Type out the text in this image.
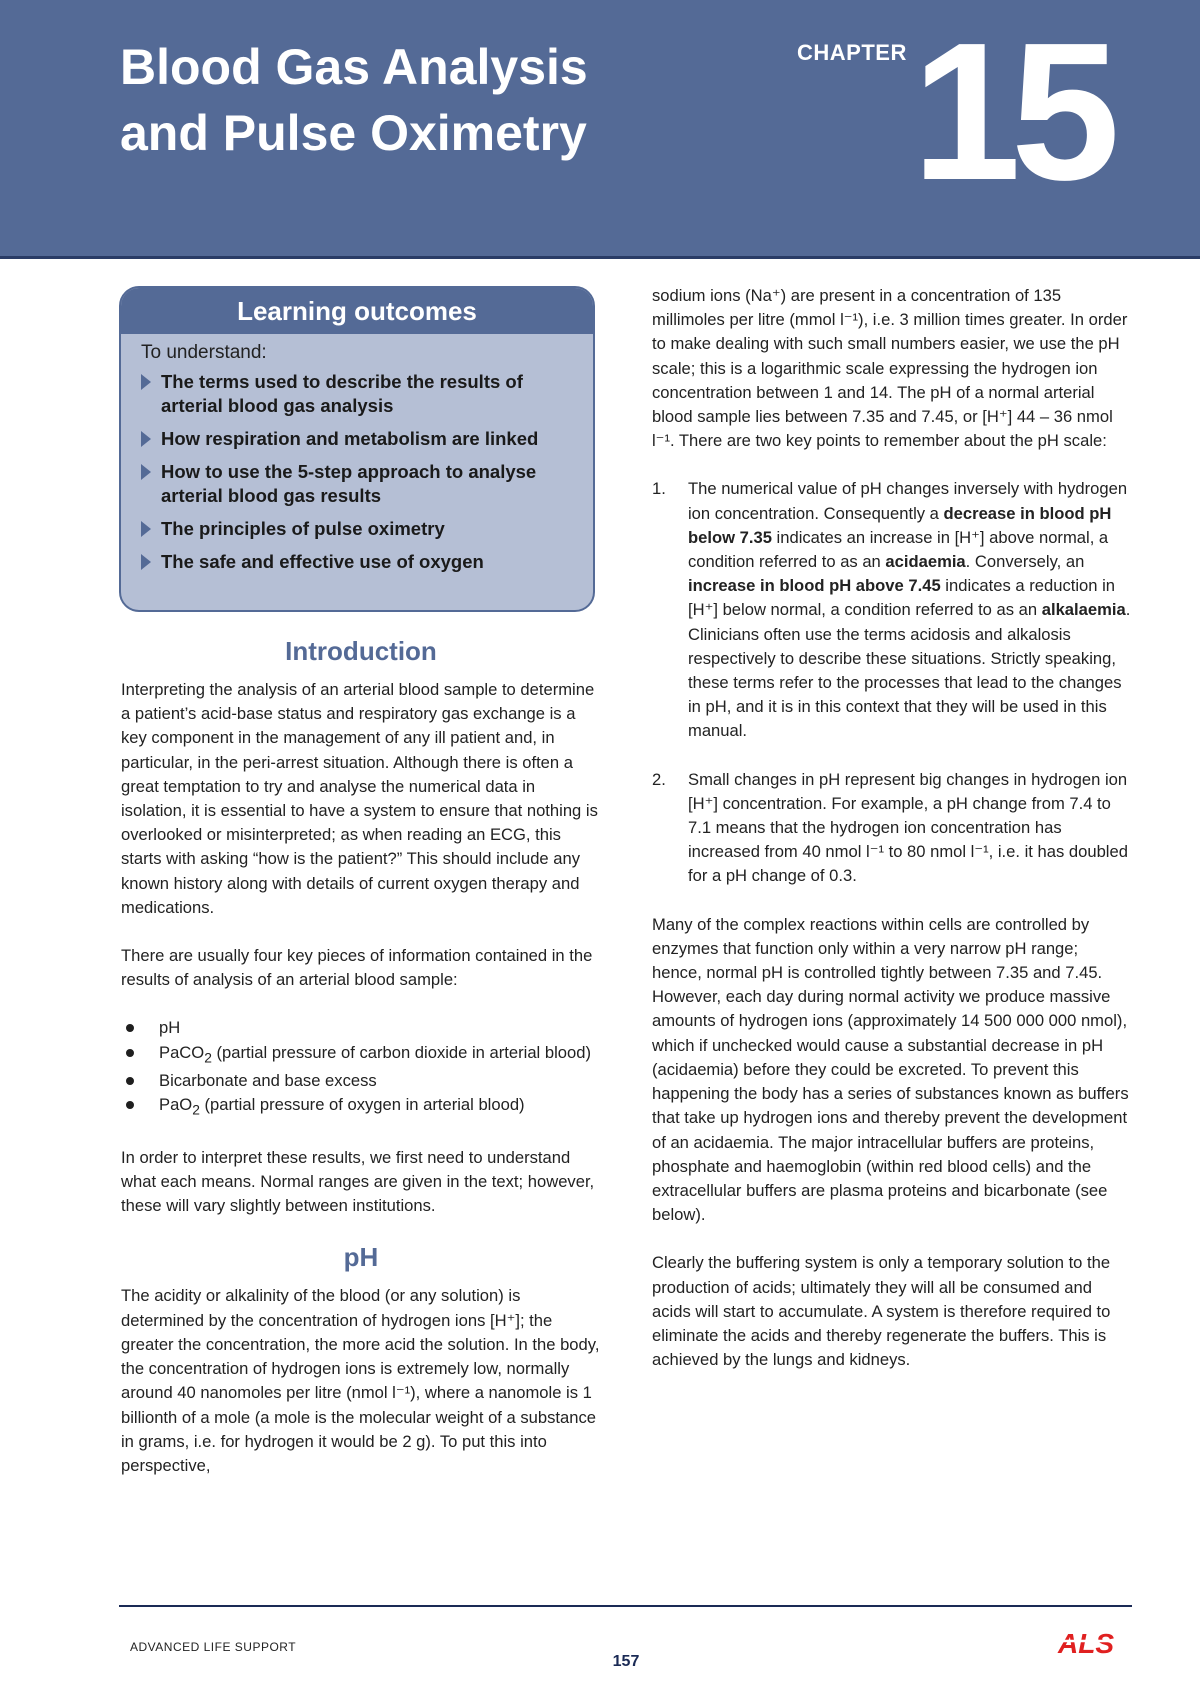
Blood Gas Analysis
and Pulse Oximetry
CHAPTER 15
Learning outcomes
To understand:
The terms used to describe the results of arterial blood gas analysis
How respiration and metabolism are linked
How to use the 5-step approach to analyse arterial blood gas results
The principles of pulse oximetry
The safe and effective use of oxygen
Introduction

Interpreting the analysis of an arterial blood sample to determine a patient’s acid-base status and respiratory gas exchange is a key component in the management of any ill patient and, in particular, in the peri-arrest situation. Although there is often a great temptation to try and analyse the numerical data in isolation, it is essential to have a system to ensure that nothing is overlooked or misinterpreted; as when reading an ECG, this starts with asking “how is the patient?” This should include any known history along with details of current oxygen therapy and medications.

There are usually four key pieces of information contained in the results of analysis of an arterial blood sample:

pH
PaCO$_2$ (partial pressure of carbon dioxide in arterial blood)
Bicarbonate and base excess
PaO$_2$ (partial pressure of oxygen in arterial blood)

In order to interpret these results, we first need to understand what each means. Normal ranges are given in the text; however, these will vary slightly between institutions.

pH

The acidity or alkalinity of the blood (or any solution) is determined by the concentration of hydrogen ions [H⁺]; the greater the concentration, the more acid the solution. In the body, the concentration of hydrogen ions is extremely low, normally around 40 nanomoles per litre (nmol l⁻¹), where a nanomole is 1 billionth of a mole (a mole is the molecular weight of a substance in grams, i.e. for hydrogen it would be 2 g). To put this into perspective,

sodium ions (Na⁺) are present in a concentration of 135 millimoles per litre (mmol l⁻¹), i.e. 3 million times greater. In order to make dealing with such small numbers easier, we use the pH scale; this is a logarithmic scale expressing the hydrogen ion concentration between 1 and 14. The pH of a normal arterial blood sample lies between 7.35 and 7.45, or [H⁺] 44 – 36 nmol l⁻¹. There are two key points to remember about the pH scale:

1. The numerical value of pH changes inversely with hydrogen ion concentration. Consequently a decrease in blood pH below 7.35 indicates an increase in [H⁺] above normal, a condition referred to as an acidaemia. Conversely, an increase in blood pH above 7.45 indicates a reduction in [H⁺] below normal, a condition referred to as an alkalaemia. Clinicians often use the terms acidosis and alkalosis respectively to describe these situations. Strictly speaking, these terms refer to the processes that lead to the changes in pH, and it is in this context that they will be used in this manual.
2. Small changes in pH represent big changes in hydrogen ion [H⁺] concentration. For example, a pH change from 7.4 to 7.1 means that the hydrogen ion concentration has increased from 40 nmol l⁻¹ to 80 nmol l⁻¹, i.e. it has doubled for a pH change of 0.3.

Many of the complex reactions within cells are controlled by enzymes that function only within a very narrow pH range; hence, normal pH is controlled tightly between 7.35 and 7.45. However, each day during normal activity we produce massive amounts of hydrogen ions (approximately 14 500 000 000 nmol), which if unchecked would cause a substantial decrease in pH (acidaemia) before they could be excreted. To prevent this happening the body has a series of substances known as buffers that take up hydrogen ions and thereby prevent the development of an acidaemia. The major intracellular buffers are proteins, phosphate and haemoglobin (within red blood cells) and the extracellular buffers are plasma proteins and bicarbonate (see below).

Clearly the buffering system is only a temporary solution to the production of acids; ultimately they will all be consumed and acids will start to accumulate. A system is therefore required to eliminate the acids and thereby regenerate the buffers. This is achieved by the lungs and kidneys.

ADVANCED LIFE SUPPORT
157
ALS
